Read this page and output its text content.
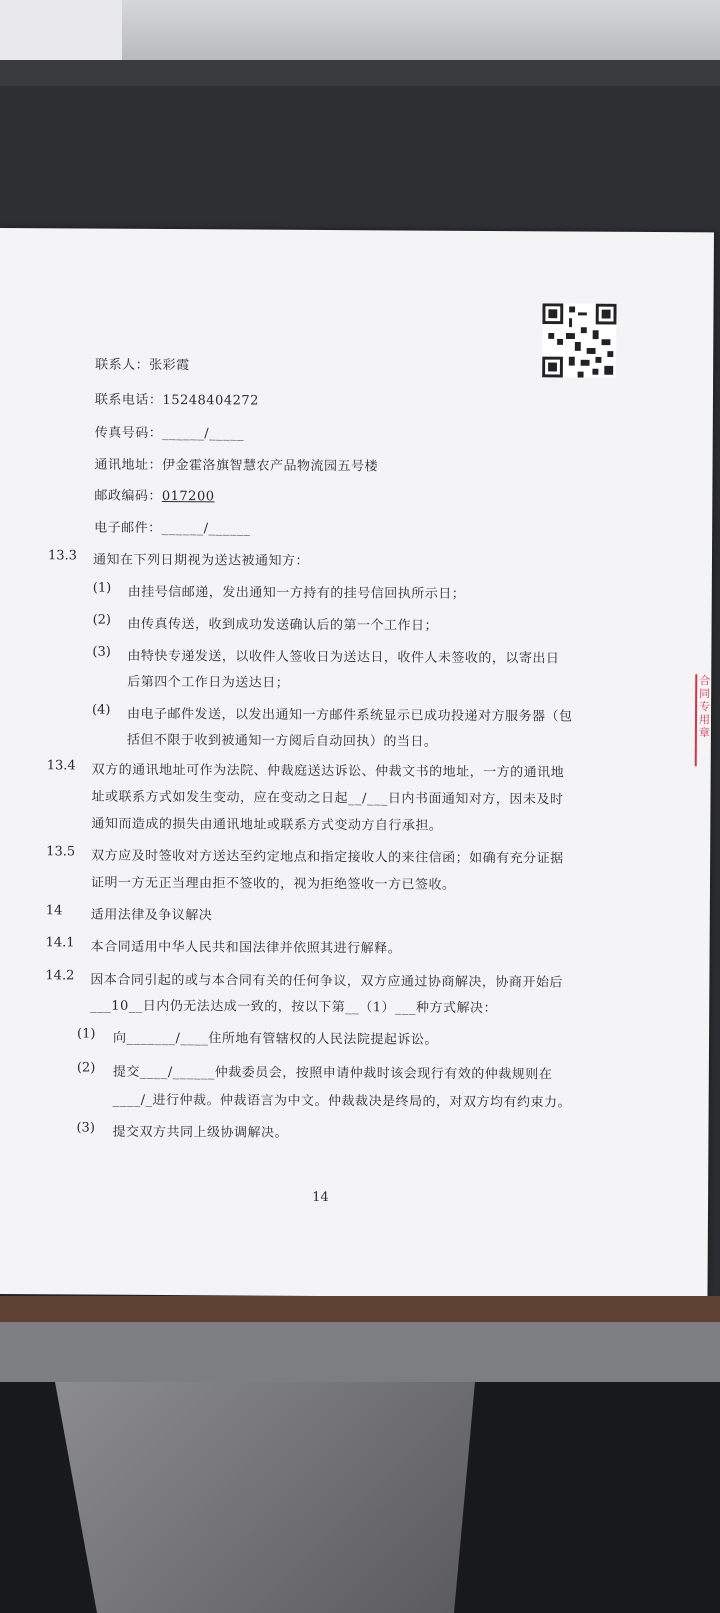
合同专用章
联系人：张彩霞
联系电话：15248404272
传真号码：______/_____
通讯地址：伊金霍洛旗智慧农产品物流园五号楼
邮政编码：017200
电子邮件：______/______
13.3 通知在下列日期视为送达被通知方：
(1) 由挂号信邮递，发出通知一方持有的挂号信回执所示日；
(2) 由传真传送，收到成功发送确认后的第一个工作日；
(3) 由特快专递发送，以收件人签收日为送达日，收件人未签收的，以寄出日
后第四个工作日为送达日；
(4) 由电子邮件发送，以发出通知一方邮件系统显示已成功投递对方服务器（包
括但不限于收到被通知一方阅后自动回执）的当日。
13.4 双方的通讯地址可作为法院、仲裁庭送达诉讼、仲裁文书的地址，一方的通讯地
址或联系方式如发生变动，应在变动之日起__/___日内书面通知对方，因未及时
通知而造成的损失由通讯地址或联系方式变动方自行承担。
13.5 双方应及时签收对方送达至约定地点和指定接收人的来往信函；如确有充分证据
证明一方无正当理由拒不签收的，视为拒绝签收一方已签收。
14 适用法律及争议解决
14.1 本合同适用中华人民共和国法律并依照其进行解释。
14.2 因本合同引起的或与本合同有关的任何争议，双方应通过协商解决，协商开始后
___10__日内仍无法达成一致的，按以下第__（1）___种方式解决：
(1) 向_______/____住所地有管辖权的人民法院提起诉讼。
(2) 提交____/______仲裁委员会，按照申请仲裁时该会现行有效的仲裁规则在
____/_进行仲裁。仲裁语言为中文。仲裁裁决是终局的，对双方均有约束力。
(3) 提交双方共同上级协调解决。
14
